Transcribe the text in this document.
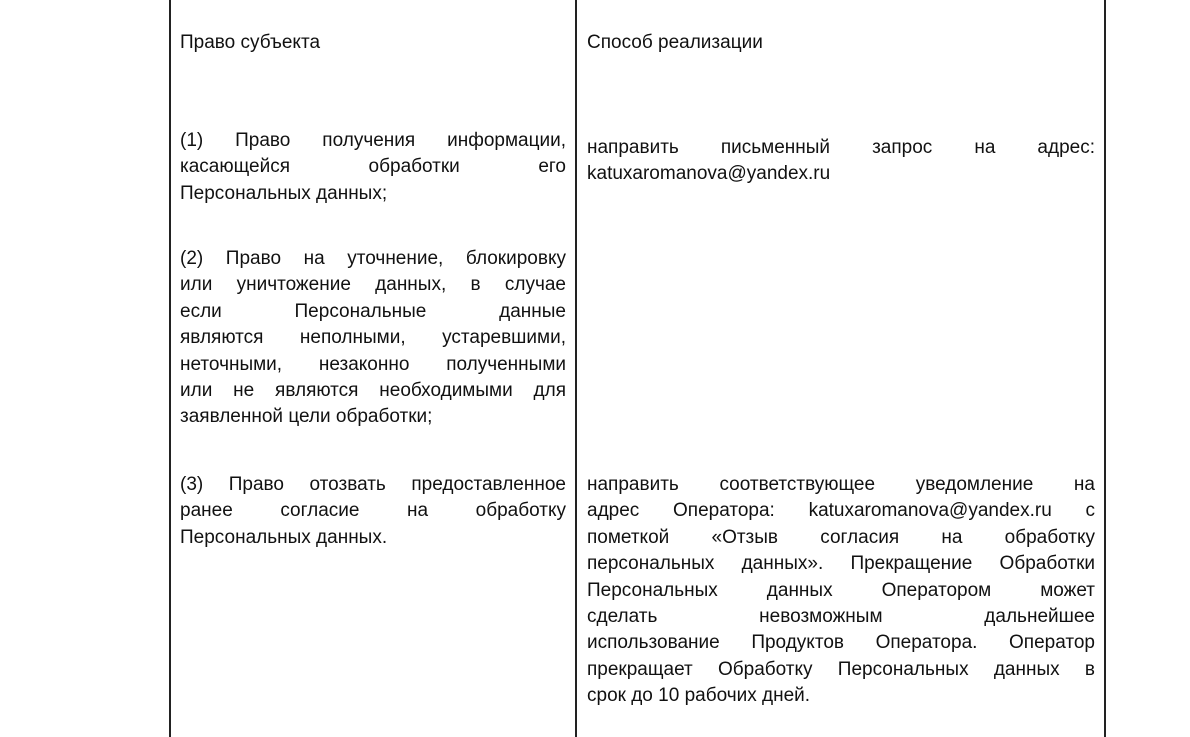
Право субъекта	Способ реализации
(1) Право получения информации,
касающейся обработки его
Персональных данных;
направить письменный запрос на адрес:
katuxaromanova@yandex.ru
(2) Право на уточнение, блокировку
или уничтожение данных, в случае
если Персональные данные
являются неполными, устаревшими,
неточными, незаконно полученными
или не являются необходимыми для
заявленной цели обработки;
(3) Право отозвать предоставленное
ранее согласие на обработку
Персональных данных.
направить соответствующее уведомление на
адрес Оператора: katuxaromanova@yandex.ru с
пометкой «Отзыв согласия на обработку
персональных данных». Прекращение Обработки
Персональных данных Оператором может
сделать невозможным дальнейшее
использование Продуктов Оператора. Оператор
прекращает Обработку Персональных данных в
срок до 10 рабочих дней.
